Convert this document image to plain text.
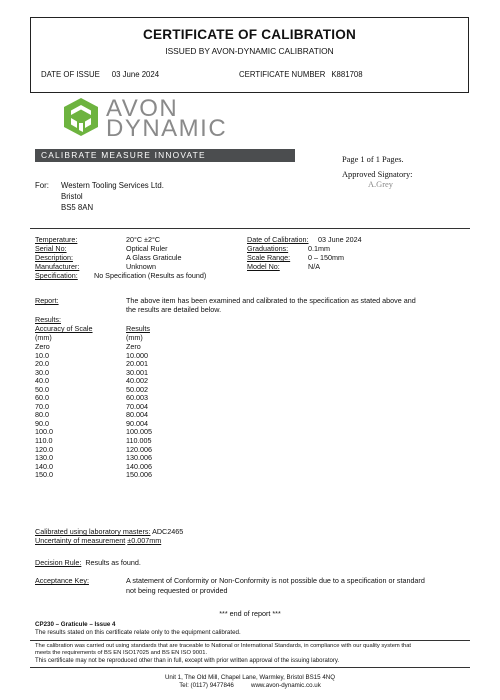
CERTIFICATE OF CALIBRATION
ISSUED BY AVON-DYNAMIC CALIBRATION
DATE OF ISSUE 03 June 2024	CERTIFICATE NUMBER K881708
AVON
DYNAMIC
CALIBRATE MEASURE INNOVATE	Page 1 of 1 Pages.
Approved Signatory:
A.Grey
For: Western Tooling Services Ltd.
Bristol
BS5 8AN
Temperature:	20°C ±2°C
Serial No:	Optical Ruler
Description:	A Glass Graticule
Manufacturer:	Unknown
Specification: No Specification (Results as found)
Date of Calibration: 03 June 2024
Graduations:	0.1mm
Scale Range: 0 – 150mm
Model No:	N/A
Report:	The above item has been examined and calibrated to the specification as stated above and
the results are detailed below.
Results:
Accuracy of Scale	Results
(mm)	(mm)
Zero	Zero
10.0	10.000
20.0	20.001
30.0	30.001
40.0	40.002
50.0	50.002
60.0	60.003
70.0	70.004
80.0	80.004
90.0	90.004
100.0	100.005
110.0	110.005
120.0	120.006
130.0	130.006
140.0	140.006
150.0	150.006
Calibrated using laboratory masters: ADC2465
Uncertainty of measurement ±0.007mm
Decision Rule: Results as found.
Acceptance Key:	A statement of Conformity or Non-Conformity is not possible due to a specification or standard
not being requested or provided
*** end of report ***
CP230 – Graticule – Issue 4
The results stated on this certificate relate only to the equipment calibrated.
The calibration was carried out using standards that are traceable to National or International Standards, in compliance with our quality system that
meets the requirements of BS EN ISO17025 and BS EN ISO 9001.
This certificate may not be reproduced other than in full, except with prior written approval of the issuing laboratory.
Unit 1, The Old Mill, Chapel Lane, Warmley, Bristol BS15 4NQ
Tel: (0117) 9477846          www.avon-dynamic.co.uk
